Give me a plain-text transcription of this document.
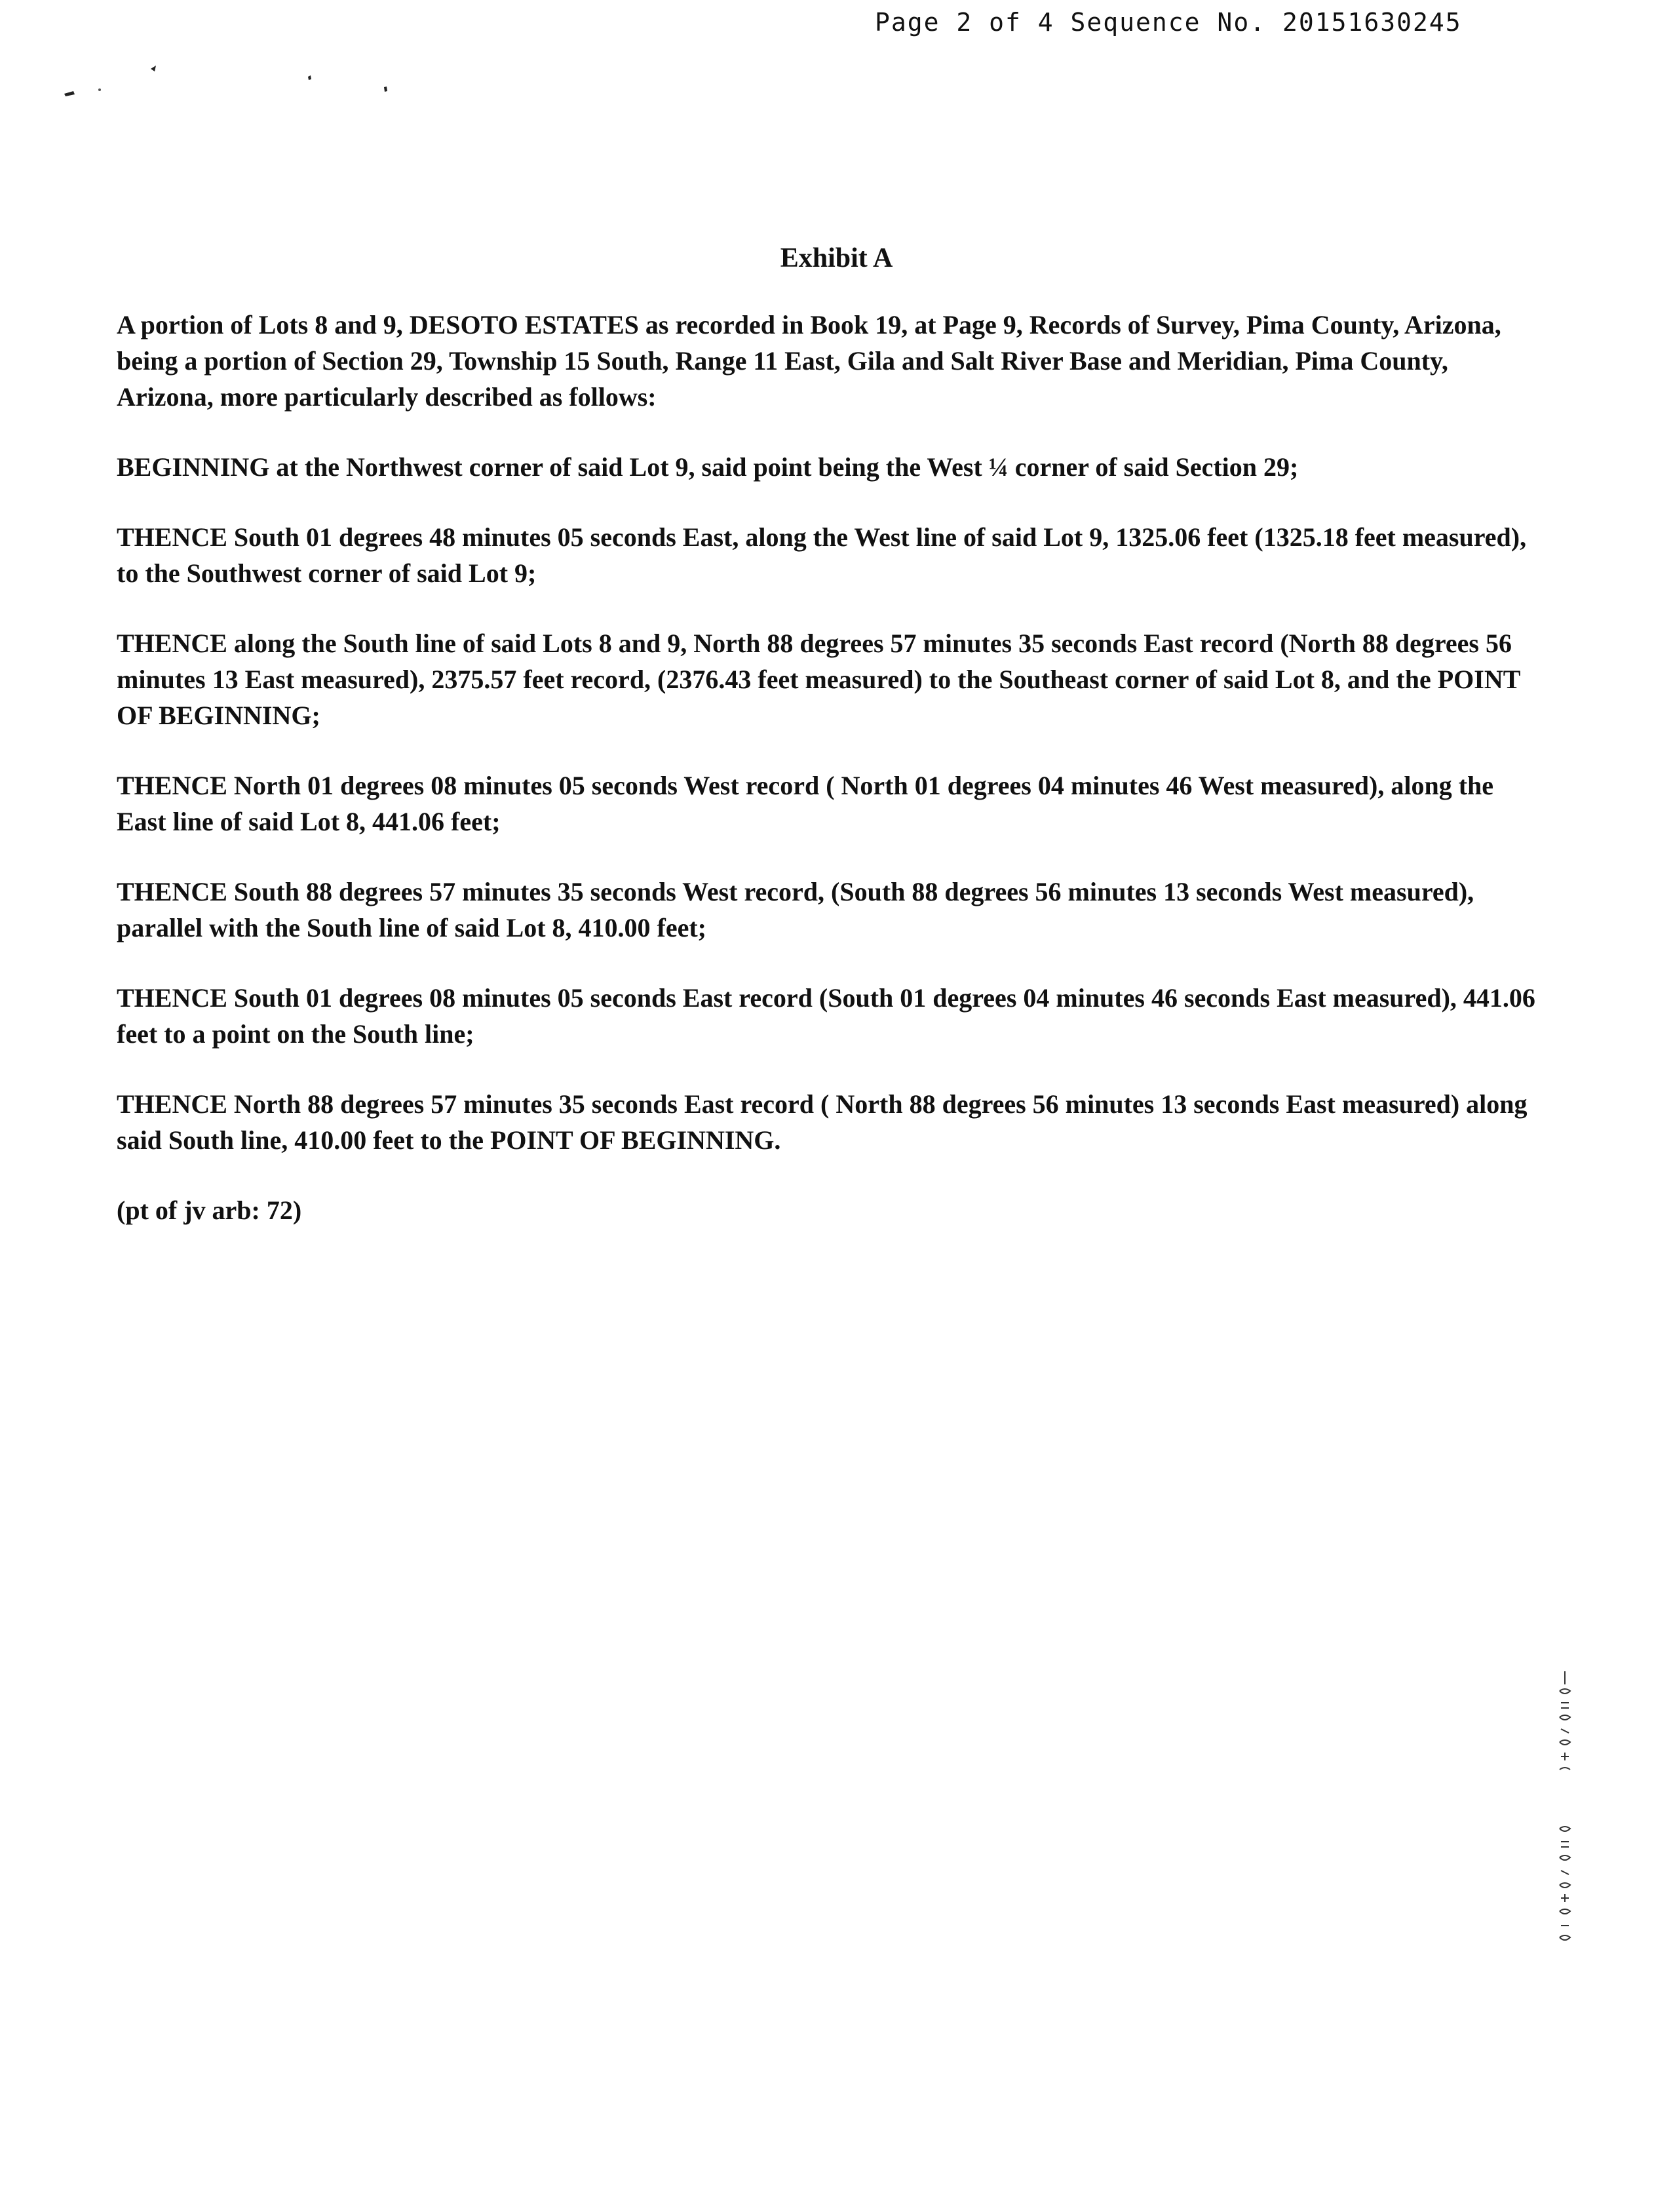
Page 2 of 4 Sequence No. 20151630245
Exhibit A

A portion of Lots 8 and 9, DESOTO ESTATES as recorded in Book 19, at Page 9, Records of Survey, Pima County, Arizona, being a portion of Section 29, Township 15 South, Range 11 East, Gila and Salt River Base and Meridian, Pima County, Arizona, more particularly described as follows:

BEGINNING at the Northwest corner of said Lot 9, said point being the West ¼ corner of said Section 29;

THENCE South 01 degrees 48 minutes 05 seconds East, along the West line of said Lot 9, 1325.06 feet (1325.18 feet measured), to the Southwest corner of said Lot 9;

THENCE along the South line of said Lots 8 and 9, North 88 degrees 57 minutes 35 seconds East record (North 88 degrees 56 minutes 13 East measured), 2375.57 feet record, (2376.43 feet measured) to the Southeast corner of said Lot 8, and the POINT OF BEGINNING;

THENCE North 01 degrees 08 minutes 05 seconds West record ( North 01 degrees 04 minutes 46 West measured), along the East line of said Lot 8, 441.06 feet;

THENCE South 88 degrees 57 minutes 35 seconds West record, (South 88 degrees 56 minutes 13 seconds West measured), parallel with the South line of said Lot 8, 410.00 feet;

THENCE South 01 degrees 08 minutes 05 seconds East record (South 01 degrees 04 minutes 46 seconds East measured), 441.06 feet to a point on the South line;

THENCE North 88 degrees 57 minutes 35 seconds East record ( North 88 degrees 56 minutes 13 seconds East measured) along said South line, 410.00 feet to the POINT OF BEGINNING.

(pt of jv arb: 72)
